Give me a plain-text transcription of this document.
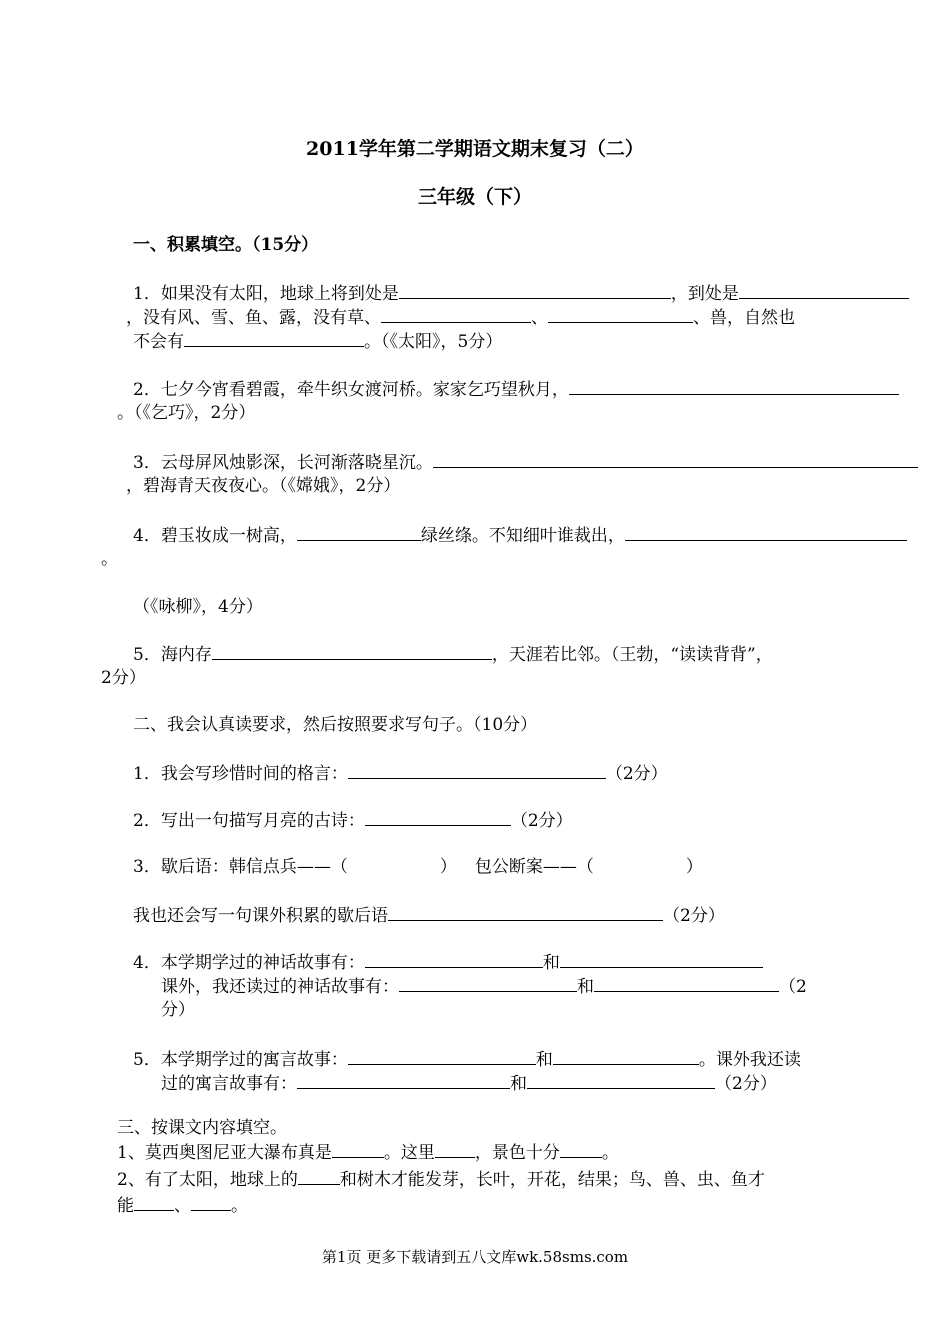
2011学年第二学期语文期末复习（二）
三年级（下）
一、积累填空。（15分）
1．如果没有太阳，地球上将到处是	，到处是
，没有风、雪、鱼、露，没有草、	、	、兽，自然也
不会有	。（《太阳》，5分）
2．七夕今宵看碧霞，牵牛织女渡河桥。家家乞巧望秋月，
。（《乞巧》，2分）
3．云母屏风烛影深，长河渐落晓星沉。
，碧海青天夜夜心。（《嫦娥》，2分）
4．碧玉妆成一树高，	绿丝绦。不知细叶谁裁出，
。
（《咏柳》，4分）
5．海内存	，天涯若比邻。（王勃，“读读背背”，
2分）
二、我会认真读要求，然后按照要求写句子。（10分）
1．我会写珍惜时间的格言：	（2分）
2．写出一句描写月亮的古诗：	（2分）
3．歇后语：韩信点兵——（	） 包公断案——（	）
我也还会写一句课外积累的歇后语	（2分）
4．本学期学过的神话故事有：	和
课外，我还读过的神话故事有：	和	（2
分）
5．本学期学过的寓言故事：	和	。课外我还读
过的寓言故事有：	和	（2分）
三、按课文内容填空。
1、莫西奥图尼亚大瀑布真是	。这里 ，景色十分 。
2、有了太阳，地球上的 和树木才能发芽，长叶，开花，结果；鸟、兽、虫、鱼才
能 、 。
第1页 更多下载请到五八文库wk.58sms.com
